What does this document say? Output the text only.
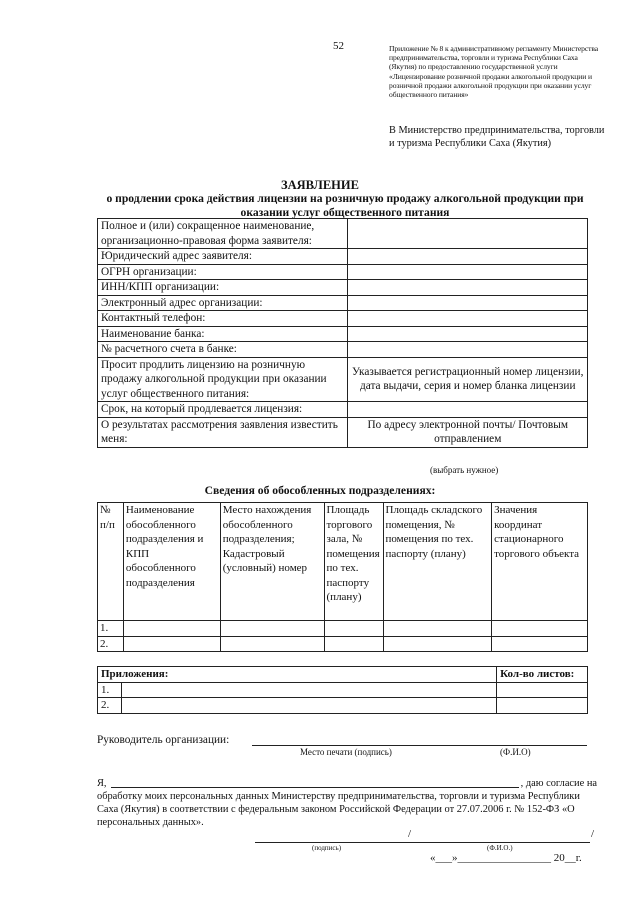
52	Приложение № 8 к административному регламенту Министерства предпринимательства, торговли и туризма Республики Саха (Якутия) по предоставлению государственной услуги «Лицензирование розничной продажи алкогольной продукции и розничной продажи алкогольной продукции при оказании услуг общественного питания»
В Министерство предпринимательства, торговли и туризма Республики Саха (Якутия)
ЗАЯВЛЕНИЕ
о продлении срока действия лицензии на розничную продажу алкогольной продукции при оказании услуг общественного питания
Полное и (или) сокращенное наименование, организационно-правовая форма заявителя:	
Юридический адрес заявителя:	
ОГРН организации:	
ИНН/КПП организации:	
Электронный адрес организации:	
Контактный телефон:	
Наименование банка:	
№ расчетного счета в банке:	
Просит продлить лицензию на розничную продажу алкогольной продукции при оказании услуг общественного питания:	Указывается регистрационный номер лицензии, дата выдачи, серия и номер бланка лицензии
Срок, на который продлевается лицензия:	
О результатах рассмотрения заявления известить меня:	По адресу электронной почты/ Почтовым отправлением
(выбрать нужное)
Сведения об обособленных подразделениях:
№ п/п	Наименование обособленного подразделения и КПП обособленного подразделения	Место нахождения обособленного подразделения; Кадастровый (условный) номер	Площадь торгового зала, № помещения по тех. паспорту (плану)	Площадь складского помещения, № помещения по тех. паспорту (плану)	Значения координат стационарного торгового объекта
1.					
2.					
Приложения:		Кол-во листов:
1.		
2.		
Руководитель организации:
Место печати (подпись)	(Ф.И.О)
Я,	, даю согласие на
обработку моих персональных данных Министерству предпринимательства, торговли и туризма Республики Саха (Якутия) в соответствии с федеральным законом Российской Федерации от 27.07.2006 г. № 152-ФЗ «О персональных данных».
/	/
(подпись)	(Ф.И.О.)
«___»_________________ 20__г.
